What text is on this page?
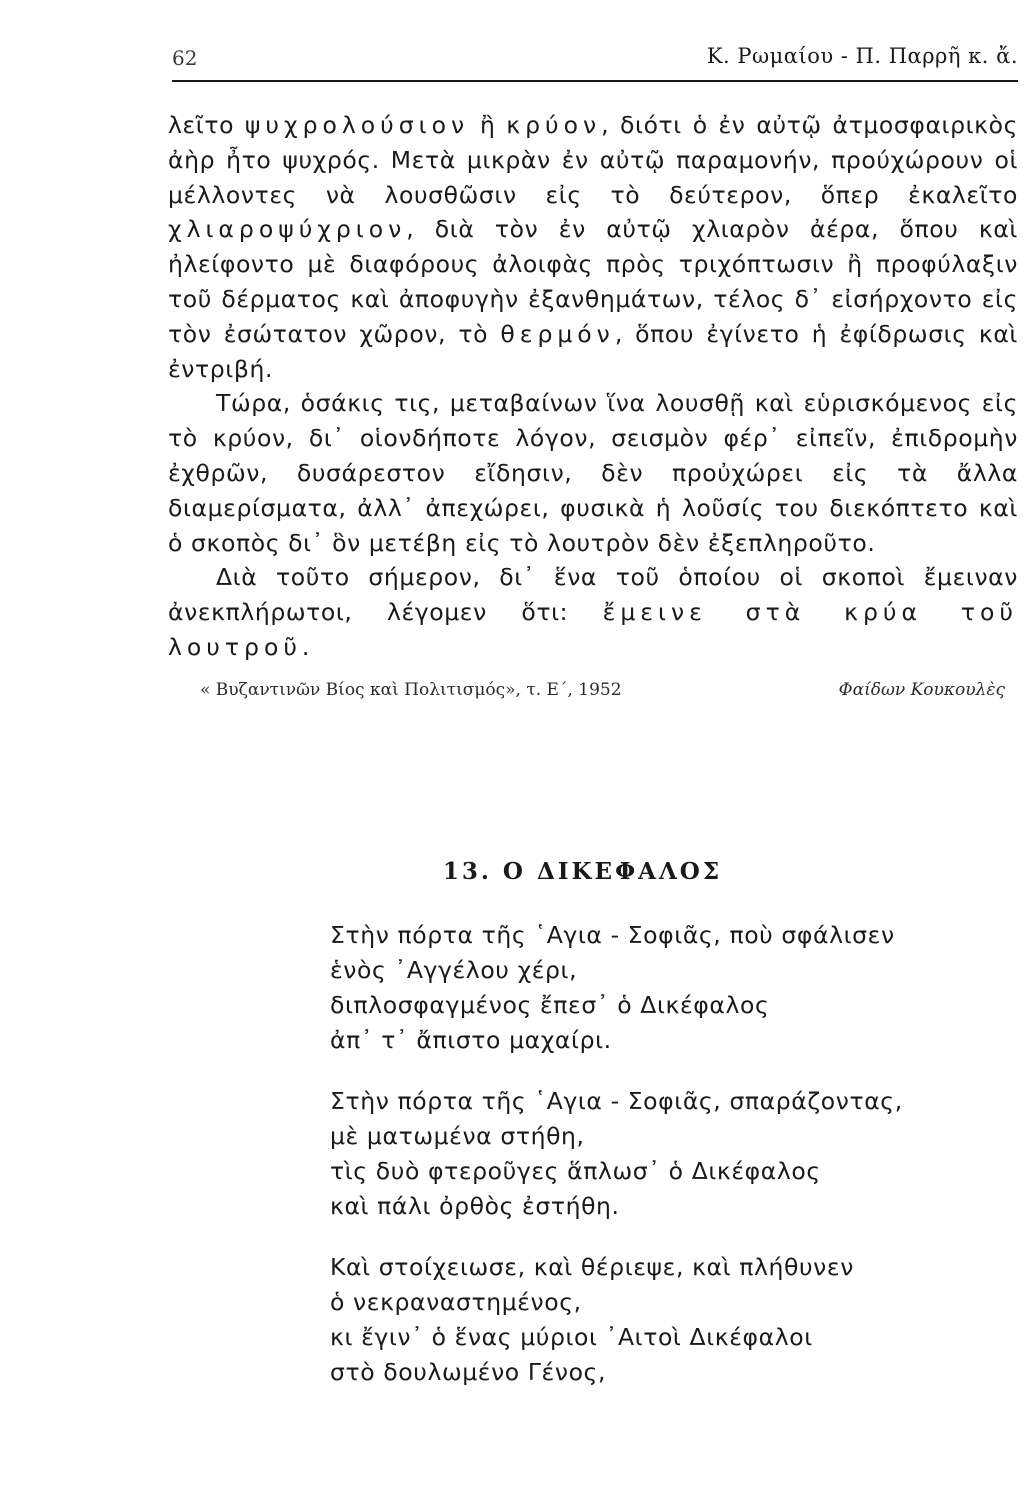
62	Κ. Ρωμαίου - Π. Παρρῆ κ. ἄ.

λεῖτο ψυχρολούσιον ἢ κρύον, διότι ὁ ἐν αὐτῷ ἀτμοσφαιρικὸς ἀὴρ ἦτο ψυχρός. Μετὰ μικρὰν ἐν αὐτῷ παραμονήν, προύχώρουν οἱ μέλλοντες νὰ λουσθῶσιν εἰς τὸ δεύτερον, ὅπερ ἐκαλεῖτο χλιαροψύχριον, διὰ τὸν ἐν αὐτῷ χλιαρὸν ἀέρα, ὅπου καὶ ἠλείφοντο μὲ διαφόρους ἀλοιφὰς πρὸς τριχόπτωσιν ἢ προφύλαξιν τοῦ δέρματος καὶ ἀποφυγὴν ἐξανθημάτων, τέλος δ᾽ εἰσήρχοντο εἰς τὸν ἐσώτατον χῶρον, τὸ θερμόν, ὅπου ἐγίνετο ἡ ἐφίδρωσις καὶ ἐντριβή.

Τώρα, ὁσάκις τις, μεταβαίνων ἵνα λουσθῇ καὶ εὑρισκόμενος εἰς τὸ κρύον, δι᾽ οἱονδήποτε λόγον, σεισμὸν φέρ᾽ εἰπεῖν, ἐπιδρομὴν ἐχθρῶν, δυσάρεστον εἴδησιν, δὲν προὐχώρει εἰς τὰ ἄλλα διαμερίσματα, ἀλλ᾽ ἀπεχώρει, φυσικὰ ἡ λοῦσίς του διεκόπτετο καὶ ὁ σκοπὸς δι᾽ ὃν μετέβη εἰς τὸ λουτρὸν δὲν ἐξεπληροῦτο.

Διὰ τοῦτο σήμερον, δι᾽ ἕνα τοῦ ὁποίου οἱ σκοποὶ ἔμειναν ἀνεκπλήρωτοι, λέγομεν ὅτι: ἔμεινε στὰ κρύα τοῦ λουτροῦ.

« Βυζαντινῶν Βίος καὶ Πολιτισμός», τ. Ε΄, 1952	Φαίδων Κουκουλὲς
13. Ο ΔΙΚΕΦΑΛΟΣ
Στὴν πόρτα τῆς ῾Αγια - Σοφιᾶς, ποὺ σφάλισεν
ἑνὸς ᾽Αγγέλου χέρι,
διπλοσφαγμένος ἔπεσ᾽ ὁ Δικέφαλος
ἀπ᾽ τ᾽ ἄπιστο μαχαίρι.
Στὴν πόρτα τῆς ῾Αγια - Σοφιᾶς, σπαράζοντας,
μὲ ματωμένα στήθη,
τὶς δυὸ φτεροῦγες ἅπλωσ᾽ ὁ Δικέφαλος
καὶ πάλι ὀρθὸς ἐστήθη.
Καὶ στοίχειωσε, καὶ θέριεψε, καὶ πλήθυνεν
ὁ νεκραναστημένος,
κι ἔγιν᾽ ὁ ἕνας μύριοι ᾽Αιτοὶ Δικέφαλοι
στὸ δουλωμένο Γένος,
